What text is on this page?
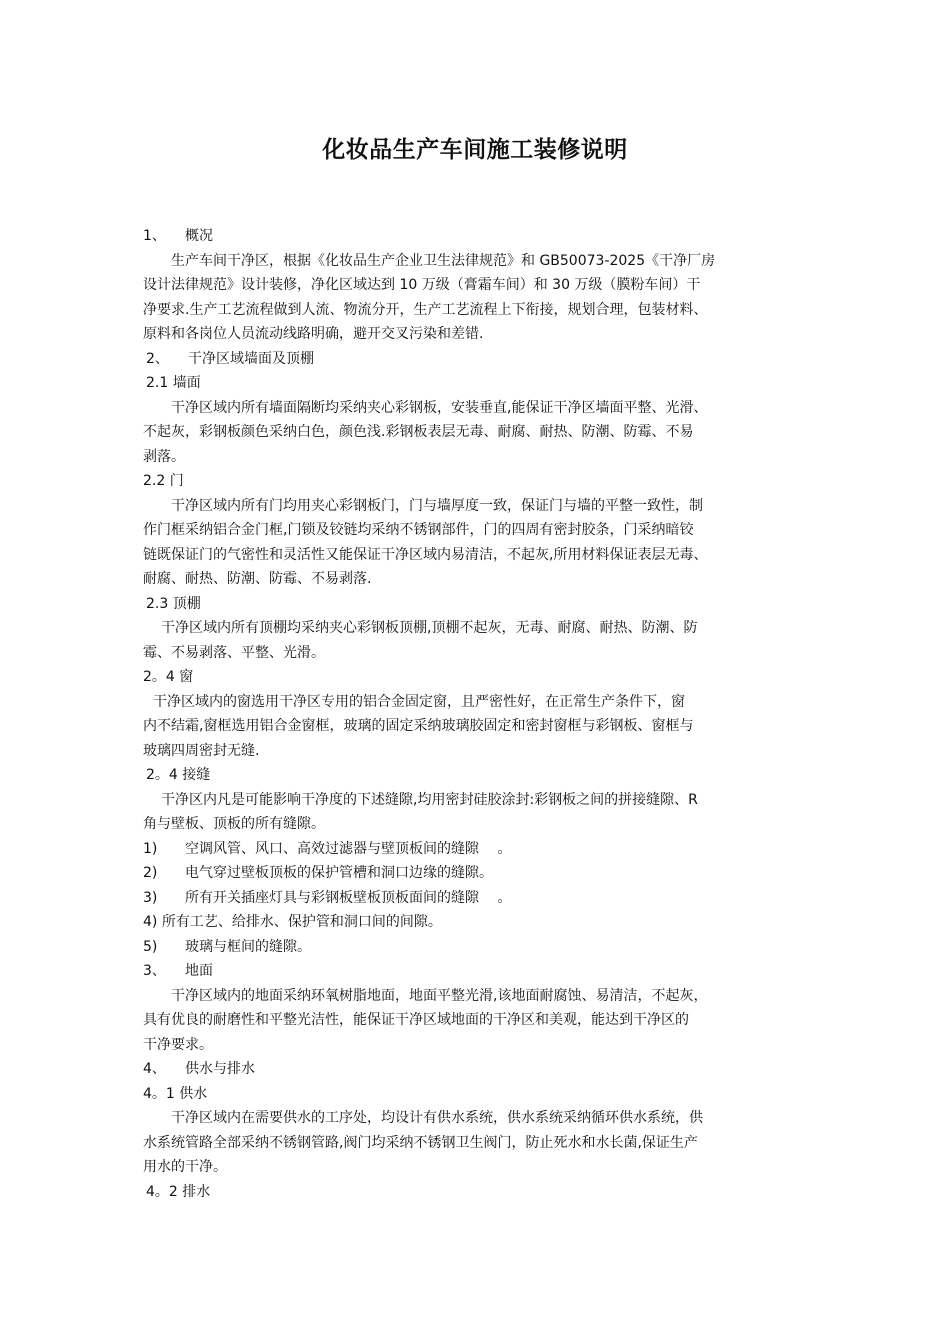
化妆品生产车间施工装修说明
1、 概况
生产车间干净区，根据《化妆品生产企业卫生法律规范》和 GB50073-2025《干净厂房
设计法律规范》设计装修，净化区域达到 10 万级（膏霜车间）和 30 万级（膜粉车间）干
净要求.生产工艺流程做到人流、物流分开，生产工艺流程上下衔接，规划合理，包装材料、
原料和各岗位人员流动线路明确，避开交叉污染和差错.
2、 干净区域墙面及顶棚
2.1 墙面
干净区域内所有墙面隔断均采纳夹心彩钢板，安装垂直,能保证干净区墙面平整、光滑、
不起灰，彩钢板颜色采纳白色，颜色浅.彩钢板表层无毒、耐腐、耐热、防潮、防霉、不易
剥落。
2.2 门
干净区域内所有门均用夹心彩钢板门，门与墙厚度一致，保证门与墙的平整一致性，制
作门框采纳铝合金门框,门锁及铰链均采纳不锈钢部件，门的四周有密封胶条，门采纳暗铰
链既保证门的气密性和灵活性又能保证干净区域内易清洁，不起灰,所用材料保证表层无毒、
耐腐、耐热、防潮、防霉、不易剥落.
2.3 顶棚
干净区域内所有顶棚均采纳夹心彩钢板顶棚,顶棚不起灰，无毒、耐腐、耐热、防潮、防
霉、不易剥落、平整、光滑。
2。4 窗
干净区域内的窗选用干净区专用的铝合金固定窗，且严密性好，在正常生产条件下，窗
内不结霜,窗框选用铝合金窗框，玻璃的固定采纳玻璃胶固定和密封窗框与彩钢板、窗框与
玻璃四周密封无缝.
2。4 接缝
干净区内凡是可能影响干净度的下述缝隙,均用密封硅胶涂封:彩钢板之间的拼接缝隙、R
角与壁板、顶板的所有缝隙。
1) 空调风管、风口、高效过滤器与壁顶板间的缝隙　 。
2) 电气穿过壁板顶板的保护管槽和洞口边缘的缝隙。
3) 所有开关插座灯具与彩钢板壁板顶板面间的缝隙　 。
4) 所有工艺、给排水、保护管和洞口间的间隙。
5) 玻璃与框间的缝隙。
3、 地面
干净区域内的地面采纳环氧树脂地面，地面平整光滑,该地面耐腐蚀、易清洁，不起灰，
具有优良的耐磨性和平整光洁性，能保证干净区域地面的干净区和美观，能达到干净区的
干净要求。
4、 供水与排水
4。1 供水
干净区域内在需要供水的工序处，均设计有供水系统，供水系统采纳循环供水系统，供
水系统管路全部采纳不锈钢管路,阀门均采纳不锈钢卫生阀门，防止死水和水长菌,保证生产
用水的干净。
4。2 排水
